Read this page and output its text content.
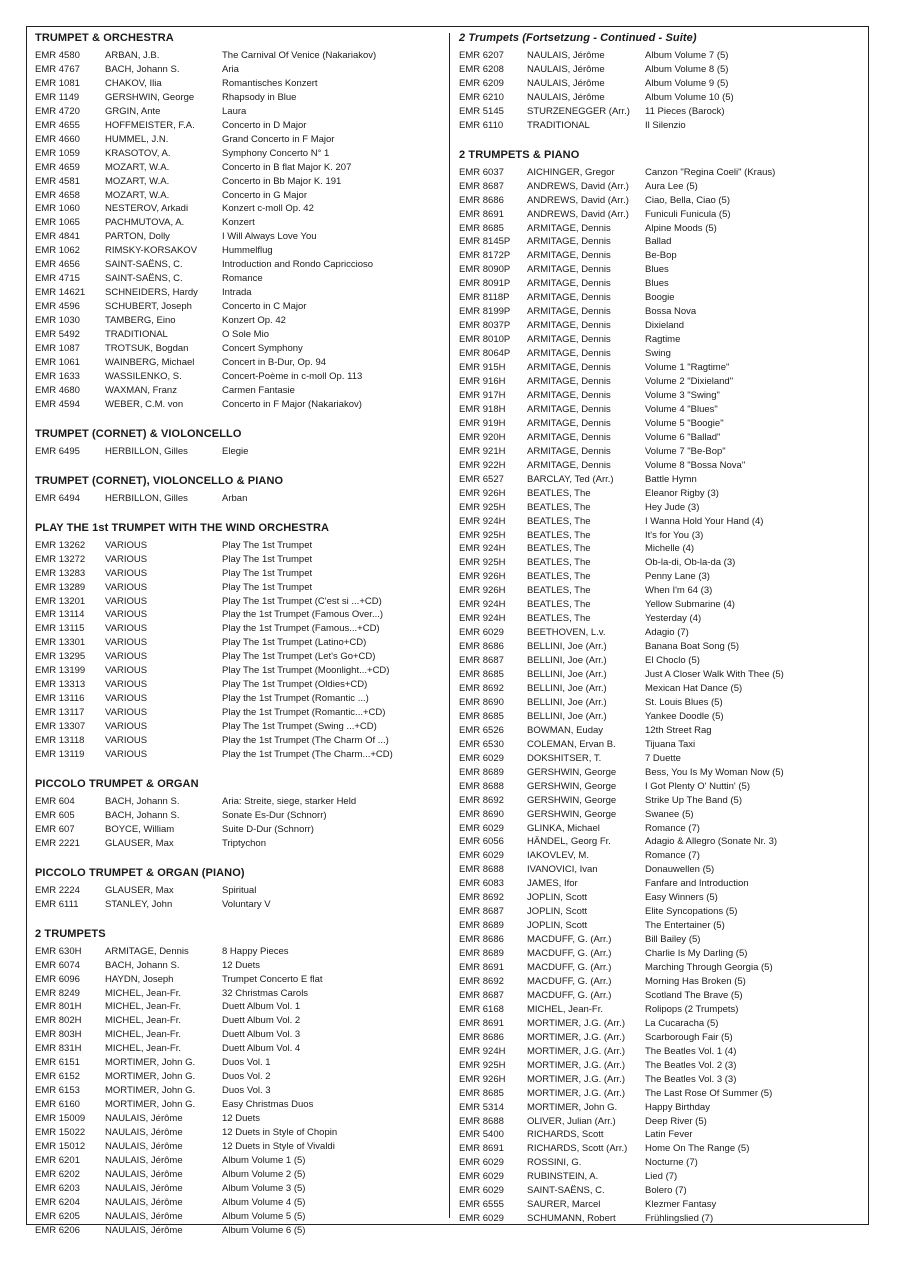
TRUMPET & ORCHESTRA
EMR 4580	ARBAN, J.B.	The Carnival Of Venice (Nakariakov)
EMR 4767	BACH, Johann S.	Aria
EMR 1081	CHAKOV, Ilia	Romantisches Konzert
EMR 1149	GERSHWIN, George	Rhapsody in Blue
EMR 4720	GRGIN, Ante	Laura
EMR 4655	HOFFMEISTER, F.A.	Concerto in D Major
EMR 4660	HUMMEL, J.N.	Grand Concerto in F Major
EMR 1059	KRASOTOV, A.	Symphony Concerto N° 1
EMR 4659	MOZART, W.A.	Concerto in B flat Major K. 207
EMR 4581	MOZART, W.A.	Concerto in Bb Major K. 191
EMR 4658	MOZART, W.A.	Concerto in G Major
EMR 1060	NESTEROV, Arkadi	Konzert c-moll Op. 42
EMR 1065	PACHMUTOVA, A.	Konzert
EMR 4841	PARTON, Dolly	I Will Always Love You
EMR 1062	RIMSKY-KORSAKOV	Hummelflug
EMR 4656	SAINT-SAËNS, C.	Introduction and Rondo Capriccioso
EMR 4715	SAINT-SAËNS, C.	Romance
EMR 14621	SCHNEIDERS, Hardy	Intrada
EMR 4596	SCHUBERT, Joseph	Concerto in C Major
EMR 1030	TAMBERG, Eino	Konzert Op. 42
EMR 5492	TRADITIONAL	O Sole Mio
EMR 1087	TROTSUK, Bogdan	Concert Symphony
EMR 1061	WAINBERG, Michael	Concert in B-Dur, Op. 94
EMR 1633	WASSILENKO, S.	Concert-Poème in c-moll Op. 113
EMR 4680	WAXMAN, Franz	Carmen Fantasie
EMR 4594	WEBER, C.M. von	Concerto in F Major (Nakariakov)
TRUMPET (CORNET) & VIOLONCELLO
EMR 6495	HERBILLON, Gilles	Elegie
TRUMPET (CORNET), VIOLONCELLO & PIANO
EMR 6494	HERBILLON, Gilles	Arban
PLAY THE 1st TRUMPET WITH THE WIND ORCHESTRA
EMR 13262	VARIOUS	Play The 1st Trumpet
EMR 13272	VARIOUS	Play The 1st Trumpet
EMR 13283	VARIOUS	Play The 1st Trumpet
EMR 13289	VARIOUS	Play The 1st Trumpet
EMR 13201	VARIOUS	Play The 1st Trumpet (C'est si ...+CD)
EMR 13114	VARIOUS	Play the 1st Trumpet (Famous Over...)
EMR 13115	VARIOUS	Play the 1st Trumpet (Famous...+CD)
EMR 13301	VARIOUS	Play The 1st Trumpet (Latino+CD)
EMR 13295	VARIOUS	Play The 1st Trumpet (Let's Go+CD)
EMR 13199	VARIOUS	Play The 1st Trumpet (Moonlight...+CD)
EMR 13313	VARIOUS	Play The 1st Trumpet (Oldies+CD)
EMR 13116	VARIOUS	Play the 1st Trumpet (Romantic ...)
EMR 13117	VARIOUS	Play the 1st Trumpet (Romantic...+CD)
EMR 13307	VARIOUS	Play The 1st Trumpet (Swing ...+CD)
EMR 13118	VARIOUS	Play the 1st Trumpet (The Charm Of ...)
EMR 13119	VARIOUS	Play the 1st Trumpet (The Charm...+CD)
PICCOLO TRUMPET & ORGAN
EMR 604	BACH, Johann S.	Aria: Streite, siege, starker Held
EMR 605	BACH, Johann S.	Sonate Es-Dur (Schnorr)
EMR 607	BOYCE, William	Suite D-Dur (Schnorr)
EMR 2221	GLAUSER, Max	Triptychon
PICCOLO TRUMPET & ORGAN (PIANO)
EMR 2224	GLAUSER, Max	Spiritual
EMR 6111	STANLEY, John	Voluntary V
2 TRUMPETS
EMR 630H	ARMITAGE, Dennis	8 Happy Pieces
EMR 6074	BACH, Johann S.	12 Duets
EMR 6096	HAYDN, Joseph	Trumpet Concerto E flat
EMR 8249	MICHEL, Jean-Fr.	32 Christmas Carols
EMR 801H	MICHEL, Jean-Fr.	Duett Album Vol. 1
EMR 802H	MICHEL, Jean-Fr.	Duett Album Vol. 2
EMR 803H	MICHEL, Jean-Fr.	Duett Album Vol. 3
EMR 831H	MICHEL, Jean-Fr.	Duett Album Vol. 4
EMR 6151	MORTIMER, John G.	Duos Vol. 1
EMR 6152	MORTIMER, John G.	Duos Vol. 2
EMR 6153	MORTIMER, John G.	Duos Vol. 3
EMR 6160	MORTIMER, John G.	Easy Christmas Duos
EMR 15009	NAULAIS, Jérôme	12 Duets
EMR 15022	NAULAIS, Jérôme	12 Duets in Style of Chopin
EMR 15012	NAULAIS, Jérôme	12 Duets in Style of Vivaldi
EMR 6201	NAULAIS, Jérôme	Album Volume 1 (5)
EMR 6202	NAULAIS, Jérôme	Album Volume 2 (5)
EMR 6203	NAULAIS, Jérôme	Album Volume 3 (5)
EMR 6204	NAULAIS, Jérôme	Album Volume 4 (5)
EMR 6205	NAULAIS, Jérôme	Album Volume 5 (5)
EMR 6206	NAULAIS, Jérôme	Album Volume 6 (5)
2 Trumpets (Fortsetzung - Continued - Suite)
EMR 6207	NAULAIS, Jérôme	Album Volume 7 (5)
EMR 6208	NAULAIS, Jérôme	Album Volume 8 (5)
EMR 6209	NAULAIS, Jérôme	Album Volume 9 (5)
EMR 6210	NAULAIS, Jérôme	Album Volume 10 (5)
EMR 5145	STURZENEGGER (Arr.)	11 Pieces (Barock)
EMR 6110	TRADITIONAL	Il Silenzio
2 TRUMPETS & PIANO
EMR 6037	AICHINGER, Gregor	Canzon "Regina Coeli" (Kraus)
EMR 8687	ANDREWS, David (Arr.)	Aura Lee (5)
EMR 8686	ANDREWS, David (Arr.)	Ciao, Bella, Ciao (5)
EMR 8691	ANDREWS, David (Arr.)	Funiculi Funicula (5)
EMR 8685	ARMITAGE, Dennis	Alpine Moods (5)
EMR 8145P	ARMITAGE, Dennis	Ballad
EMR 8172P	ARMITAGE, Dennis	Be-Bop
EMR 8090P	ARMITAGE, Dennis	Blues
EMR 8091P	ARMITAGE, Dennis	Blues
EMR 8118P	ARMITAGE, Dennis	Boogie
EMR 8199P	ARMITAGE, Dennis	Bossa Nova
EMR 8037P	ARMITAGE, Dennis	Dixieland
EMR 8010P	ARMITAGE, Dennis	Ragtime
EMR 8064P	ARMITAGE, Dennis	Swing
EMR 915H	ARMITAGE, Dennis	Volume 1 "Ragtime"
EMR 916H	ARMITAGE, Dennis	Volume 2 "Dixieland"
EMR 917H	ARMITAGE, Dennis	Volume 3 "Swing"
EMR 918H	ARMITAGE, Dennis	Volume 4 "Blues"
EMR 919H	ARMITAGE, Dennis	Volume 5 "Boogie"
EMR 920H	ARMITAGE, Dennis	Volume 6 "Ballad"
EMR 921H	ARMITAGE, Dennis	Volume 7 "Be-Bop"
EMR 922H	ARMITAGE, Dennis	Volume 8 "Bossa Nova"
EMR 6527	BARCLAY, Ted (Arr.)	Battle Hymn
EMR 926H	BEATLES, The	Eleanor Rigby (3)
EMR 925H	BEATLES, The	Hey Jude (3)
EMR 924H	BEATLES, The	I Wanna Hold Your Hand (4)
EMR 925H	BEATLES, The	It's for You (3)
EMR 924H	BEATLES, The	Michelle (4)
EMR 925H	BEATLES, The	Ob-la-di, Ob-la-da (3)
EMR 926H	BEATLES, The	Penny Lane (3)
EMR 926H	BEATLES, The	When I'm 64 (3)
EMR 924H	BEATLES, The	Yellow Submarine (4)
EMR 924H	BEATLES, The	Yesterday (4)
EMR 6029	BEETHOVEN, L.v.	Adagio (7)
EMR 8686	BELLINI, Joe (Arr.)	Banana Boat Song (5)
EMR 8687	BELLINI, Joe (Arr.)	El Choclo (5)
EMR 8685	BELLINI, Joe (Arr.)	Just A Closer Walk With Thee (5)
EMR 8692	BELLINI, Joe (Arr.)	Mexican Hat Dance (5)
EMR 8690	BELLINI, Joe (Arr.)	St. Louis Blues (5)
EMR 8685	BELLINI, Joe (Arr.)	Yankee Doodle (5)
EMR 6526	BOWMAN, Euday	12th Street Rag
EMR 6530	COLEMAN, Ervan B.	Tijuana Taxi
EMR 6029	DOKSHITSER, T.	7 Duette
EMR 8689	GERSHWIN, George	Bess, You Is My Woman Now (5)
EMR 8688	GERSHWIN, George	I Got Plenty O' Nuttin' (5)
EMR 8692	GERSHWIN, George	Strike Up The Band (5)
EMR 8690	GERSHWIN, George	Swanee (5)
EMR 6029	GLINKA, Michael	Romance (7)
EMR 6056	HÄNDEL, Georg Fr.	Adagio & Allegro (Sonate Nr. 3)
EMR 6029	IAKOVLEV, M.	Romance (7)
EMR 8688	IVANOVICI, Ivan	Donauwellen (5)
EMR 6083	JAMES, Ifor	Fanfare and Introduction
EMR 8692	JOPLIN, Scott	Easy Winners (5)
EMR 8687	JOPLIN, Scott	Elite Syncopations (5)
EMR 8689	JOPLIN, Scott	The Entertainer (5)
EMR 8686	MACDUFF, G. (Arr.)	Bill Bailey (5)
EMR 8689	MACDUFF, G. (Arr.)	Charlie Is My Darling (5)
EMR 8691	MACDUFF, G. (Arr.)	Marching Through Georgia (5)
EMR 8692	MACDUFF, G. (Arr.)	Morning Has Broken (5)
EMR 8687	MACDUFF, G. (Arr.)	Scotland The Brave (5)
EMR 6168	MICHEL, Jean-Fr.	Rolipops (2 Trumpets)
EMR 8691	MORTIMER, J.G. (Arr.)	La Cucaracha (5)
EMR 8686	MORTIMER, J.G. (Arr.)	Scarborough Fair (5)
EMR 924H	MORTIMER, J.G. (Arr.)	The Beatles Vol. 1 (4)
EMR 925H	MORTIMER, J.G. (Arr.)	The Beatles Vol. 2 (3)
EMR 926H	MORTIMER, J.G. (Arr.)	The Beatles Vol. 3 (3)
EMR 8685	MORTIMER, J.G. (Arr.)	The Last Rose Of Summer (5)
EMR 5314	MORTIMER, John G.	Happy Birthday
EMR 8688	OLIVER, Julian (Arr.)	Deep River (5)
EMR 5400	RICHARDS, Scott	Latin Fever
EMR 8691	RICHARDS, Scott (Arr.)	Home On The Range (5)
EMR 6029	ROSSINI, G.	Nocturne (7)
EMR 6029	RUBINSTEIN, A.	Lied (7)
EMR 6029	SAINT-SAËNS, C.	Bolero (7)
EMR 6555	SAURER, Marcel	Klezmer Fantasy
EMR 6029	SCHUMANN, Robert	Frühlingslied (7)
